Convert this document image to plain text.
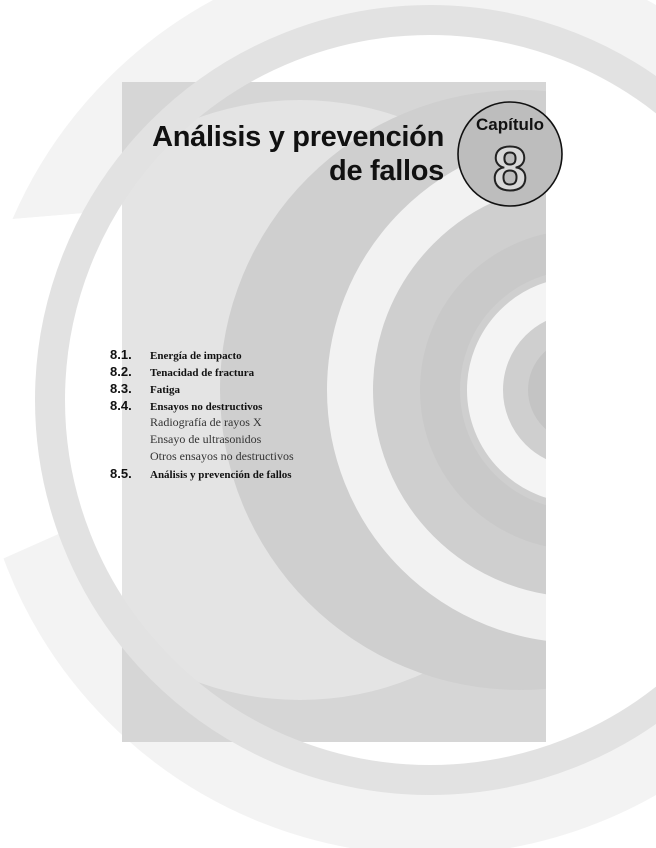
Análisis y prevención
de fallos
Capítulo
8
8.1.	Energía de impacto
8.2.	Tenacidad de fractura
8.3.	Fatiga
8.4.	Ensayos no destructivos
Radiografía de rayos X
Ensayo de ultrasonidos
Otros ensayos no destructivos
8.5.	Análisis y prevención de fallos
